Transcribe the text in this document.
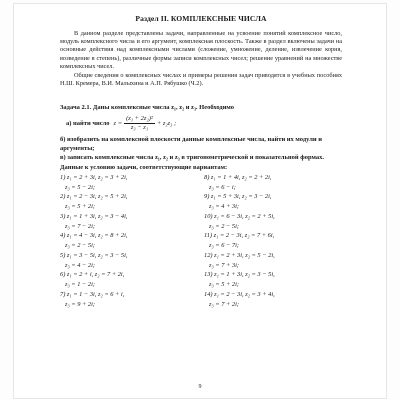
Раздел II. КОМПЛЕКСНЫЕ ЧИСЛА

В данном разделе представлены задачи, направленные на усвоение понятий комплексное число, модуль комплексного числа и его аргумент, комплексная плоскость. Также в раздел включены задачи на основные действия над комплексными числами (сложение, умножение, деление, извлечение корня, возведение в степень), различные формы записи комплексных чисел; решение уравнений на множестве комплексных чисел.

Общие сведения о комплексных числах и примеры решения задач приводятся в учебных пособиях Н.Ш. Кремера, В.И. Малыхина и А.П. Рябушко (Ч.2).

Задача 2.1. Даны комплексные числа z₁, z₂ и z₃. Необходимо

а) найти число $z = \frac{\text{(z₁ + 2z₂)²}}{\text{z₃ − z₁}} + z_2z_3$ ;

б) изобразить на комплексной плоскости данные комплексные числа, найти их модули и аргументы;

в) записать комплексные числа z₁, z₂ и z₃ в тригонометрической и показательной формах.

Данные к условию задачи, соответствующие вариантам:

1) z₁ = 2 + 3i, z₂ = 3 + 2i,

z₃ = 5 − 2i;

2) z₁ = 2 − 3i, z₂ = 5 + 2i,

z₃ = 5 + 2i;

3) z₁ = 1 + 3i, z₂ = 3 − 4i,

z₃ = 7 − 2i;

4) z₁ = 4 − 3i, z₂ = 8 + 2i,

z₃ = 2 − 5i;

5) z₁ = 3 − 5i, z₂ = 3 − 5i,

z₃ = 4 − 2i;

6) z₁ = 2 + i, z₂ = 7 + 2i,

z₃ = 1 − 2i;

7) z₁ = 1 − 3i, z₂ = 6 + i,

z₃ = 9 + 2i;

8) z₁ = 1 + 4i, z₂ = 2 + 2i,

z₃ = 6 − i;

9) z₁ = 5 + 3i, z₂ = 3 − 2i,

z₃ = 4 + 3i;

10) z₁ = 6 − 3i, z₂ = 2 + 5i,

z₃ = 2 − 5i;

11) z₁ = 2 − 3i, z₂ = 7 + 6i,

z₃ = 6 − 7i;

12) z₁ = 2 + 3i, z₂ = 5 − 2i,

z₃ = 7 + 3i;

13) z₁ = 1 + 3i, z₂ = 3 − 5i,

z₃ = 5 + 2i;

14) z₁ = 2 − 3i, z₂ = 3 + 4i,

z₃ = 7 + 2i;

9
